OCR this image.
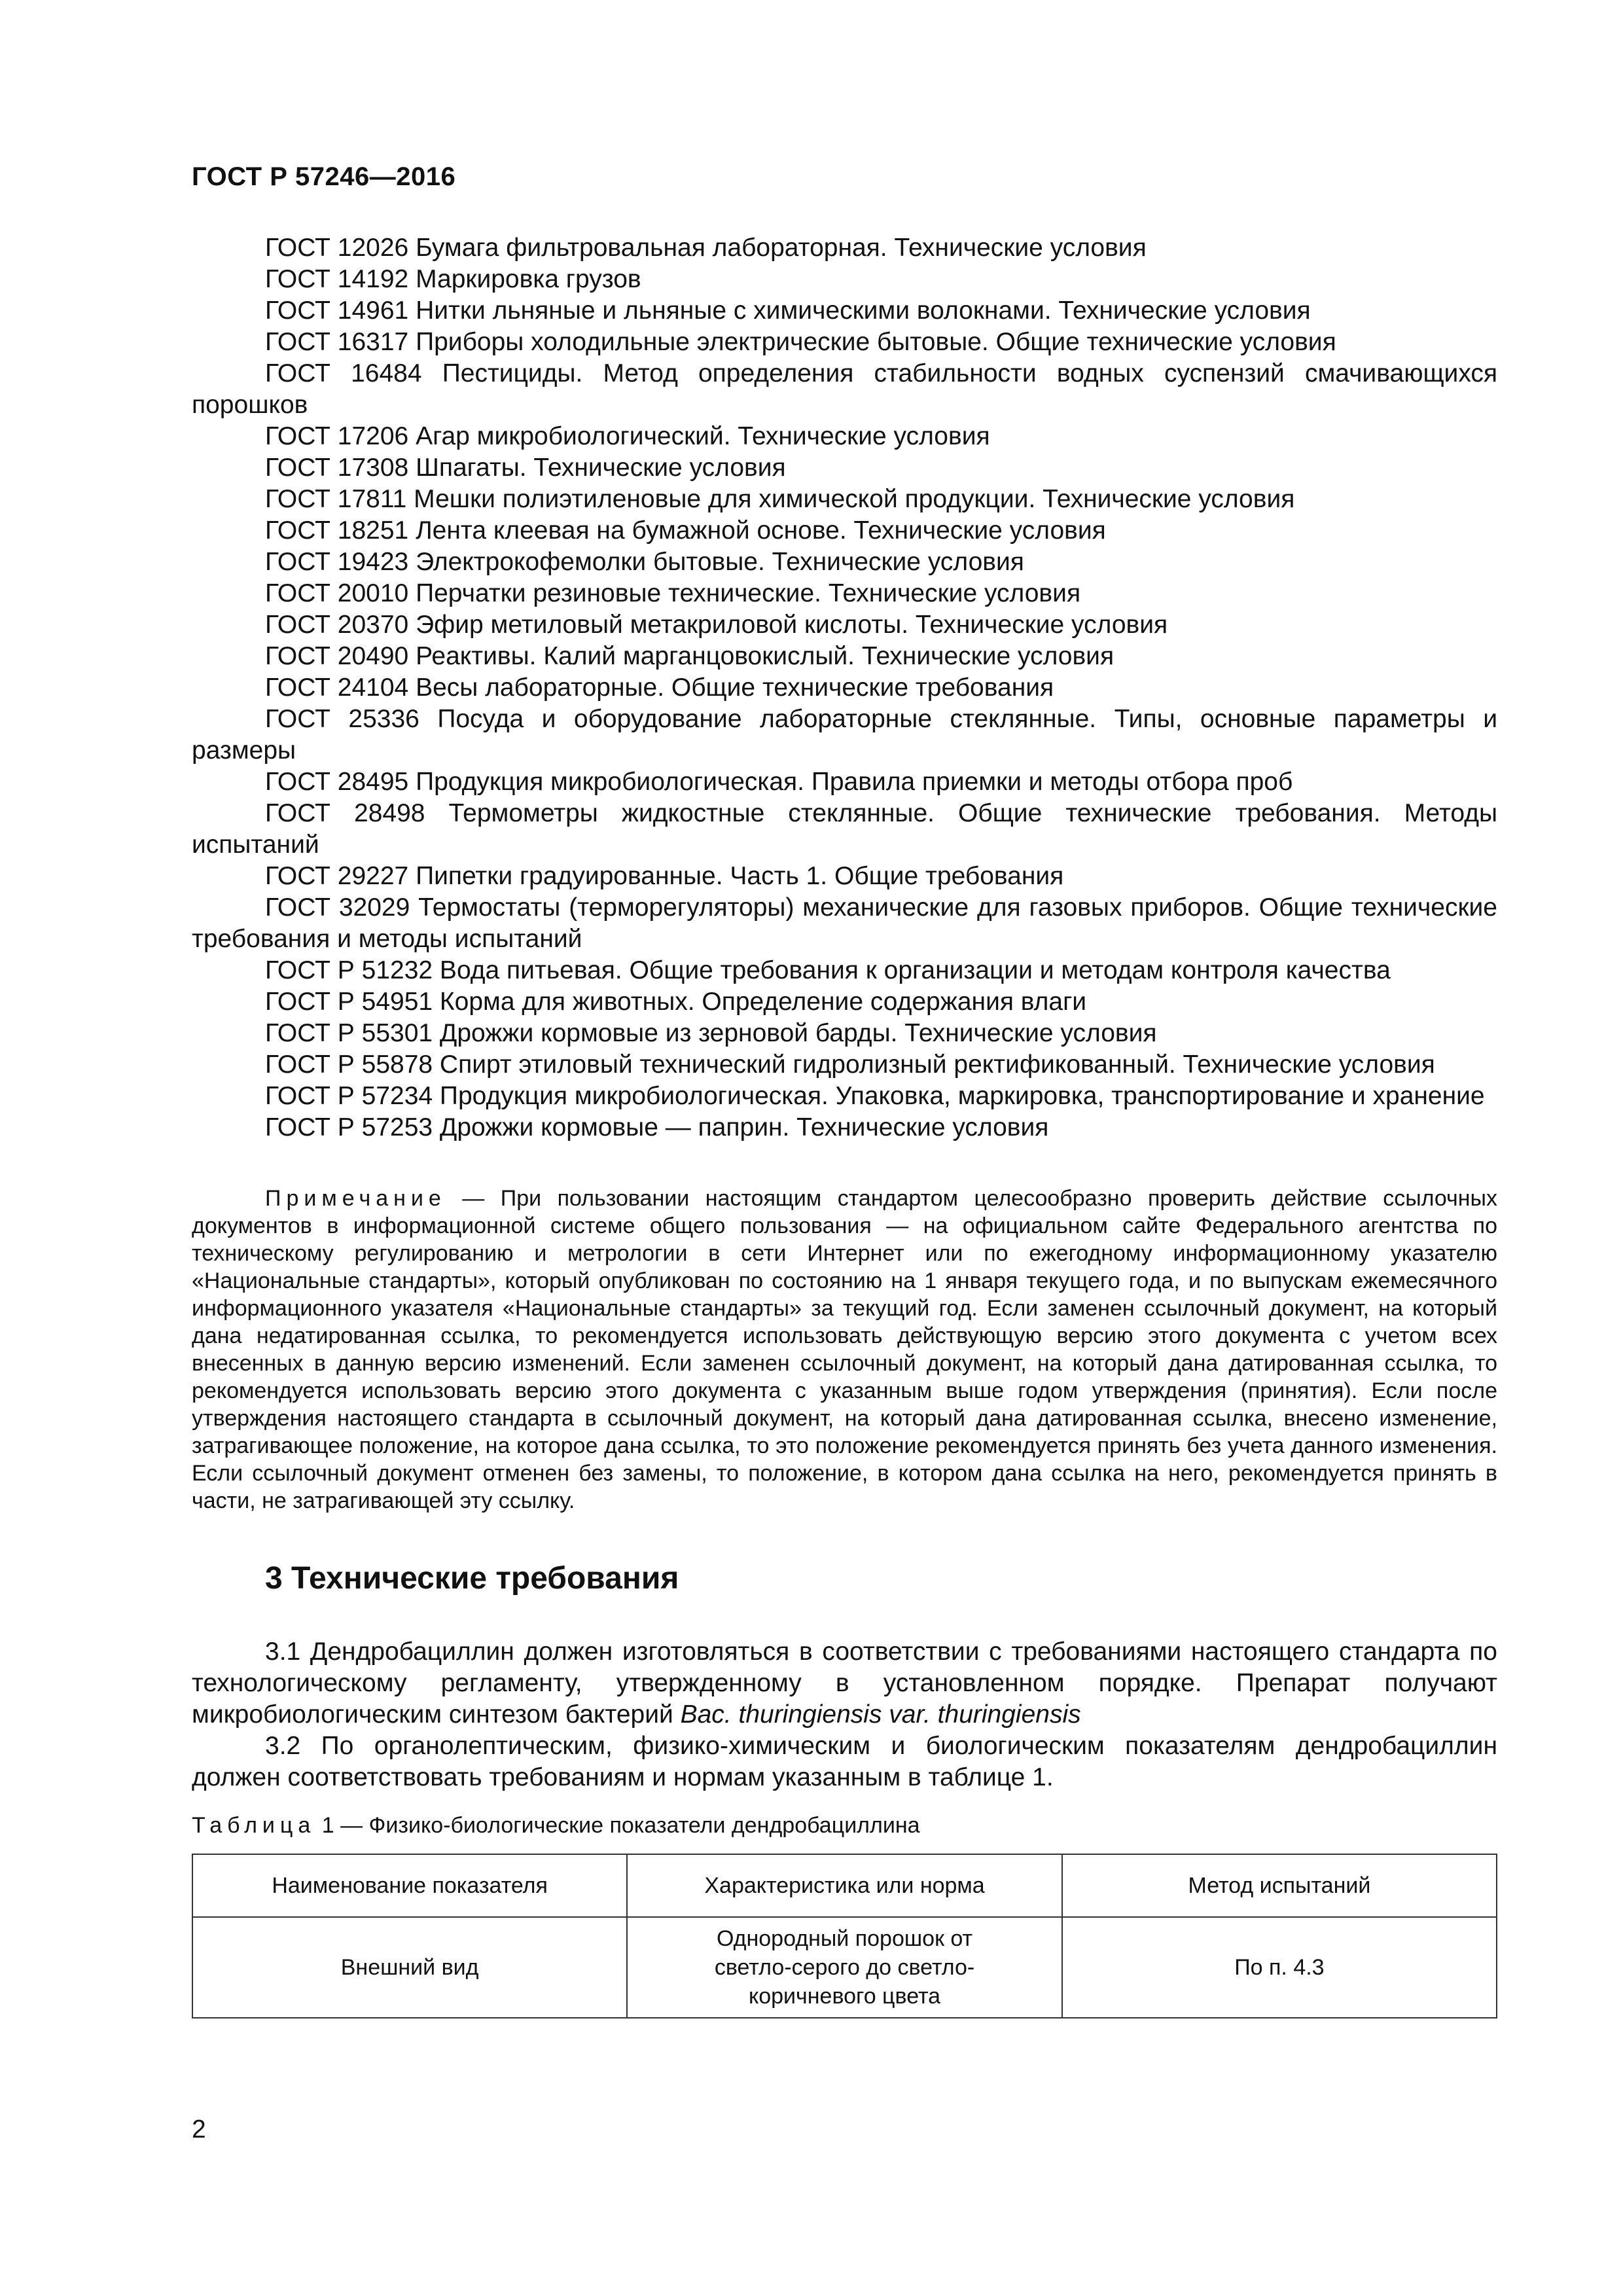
ГОСТ Р 57246—2016

ГОСТ 12026 Бумага фильтровальная лабораторная. Технические условия

ГОСТ 14192 Маркировка грузов

ГОСТ 14961 Нитки льняные и льняные с химическими волокнами. Технические условия

ГОСТ 16317 Приборы холодильные электрические бытовые. Общие технические условия

ГОСТ 16484 Пестициды. Метод определения стабильности водных суспензий смачивающихся порошков

ГОСТ 17206 Агар микробиологический. Технические условия

ГОСТ 17308 Шпагаты. Технические условия

ГОСТ 17811 Мешки полиэтиленовые для химической продукции. Технические условия

ГОСТ 18251 Лента клеевая на бумажной основе. Технические условия

ГОСТ 19423 Электрокофемолки бытовые. Технические условия

ГОСТ 20010 Перчатки резиновые технические. Технические условия

ГОСТ 20370 Эфир метиловый метакриловой кислоты. Технические условия

ГОСТ 20490 Реактивы. Калий марганцовокислый. Технические условия

ГОСТ 24104 Весы лабораторные. Общие технические требования

ГОСТ 25336 Посуда и оборудование лабораторные стеклянные. Типы, основные параметры и размеры

ГОСТ 28495 Продукция микробиологическая. Правила приемки и методы отбора проб

ГОСТ 28498 Термометры жидкостные стеклянные. Общие технические требования. Методы испытаний

ГОСТ 29227 Пипетки градуированные. Часть 1. Общие требования

ГОСТ 32029 Термостаты (терморегуляторы) механические для газовых приборов. Общие технические требования и методы испытаний

ГОСТ Р 51232 Вода питьевая. Общие требования к организации и методам контроля качества

ГОСТ Р 54951 Корма для животных. Определение содержания влаги

ГОСТ Р 55301 Дрожжи кормовые из зерновой барды. Технические условия

ГОСТ Р 55878 Спирт этиловый технический гидролизный ректификованный. Технические условия

ГОСТ Р 57234 Продукция микробиологическая. Упаковка, маркировка, транспортирование и хранение

ГОСТ Р 57253 Дрожжи кормовые — паприн. Технические условия

Примечание — При пользовании настоящим стандартом целесообразно проверить действие ссылочных документов в информационной системе общего пользования — на официальном сайте Федерального агентства по техническому регулированию и метрологии в сети Интернет или по ежегодному информационному указателю «Национальные стандарты», который опубликован по состоянию на 1 января текущего года, и по выпускам ежемесячного информационного указателя «Национальные стандарты» за текущий год. Если заменен ссылочный документ, на который дана недатированная ссылка, то рекомендуется использовать действующую версию этого документа с учетом всех внесенных в данную версию изменений. Если заменен ссылочный документ, на который дана датированная ссылка, то рекомендуется использовать версию этого документа с указанным выше годом утверждения (принятия). Если после утверждения настоящего стандарта в ссылочный документ, на который дана датированная ссылка, внесено изменение, затрагивающее положение, на которое дана ссылка, то это положение рекомендуется принять без учета данного изменения. Если ссылочный документ отменен без замены, то положение, в котором дана ссылка на него, рекомендуется принять в части, не затрагивающей эту ссылку.

3 Технические требования

3.1 Дендробациллин должен изготовляться в соответствии с требованиями настоящего стандарта по технологическому регламенту, утвержденному в установленном порядке. Препарат получают микробиологическим синтезом бактерий Bac. thuringiensis var. thuringiensis

3.2 По органолептическим, физико-химическим и биологическим показателям дендробациллин должен соответствовать требованиям и нормам указанным в таблице 1.

Таблица 1 — Физико-биологические показатели дендробациллина
Наименование показателя	Характеристика или норма	Метод испытаний
Внешний вид	Однородный порошок от светло-серого до светло-коричневого цвета	По п. 4.3
2
